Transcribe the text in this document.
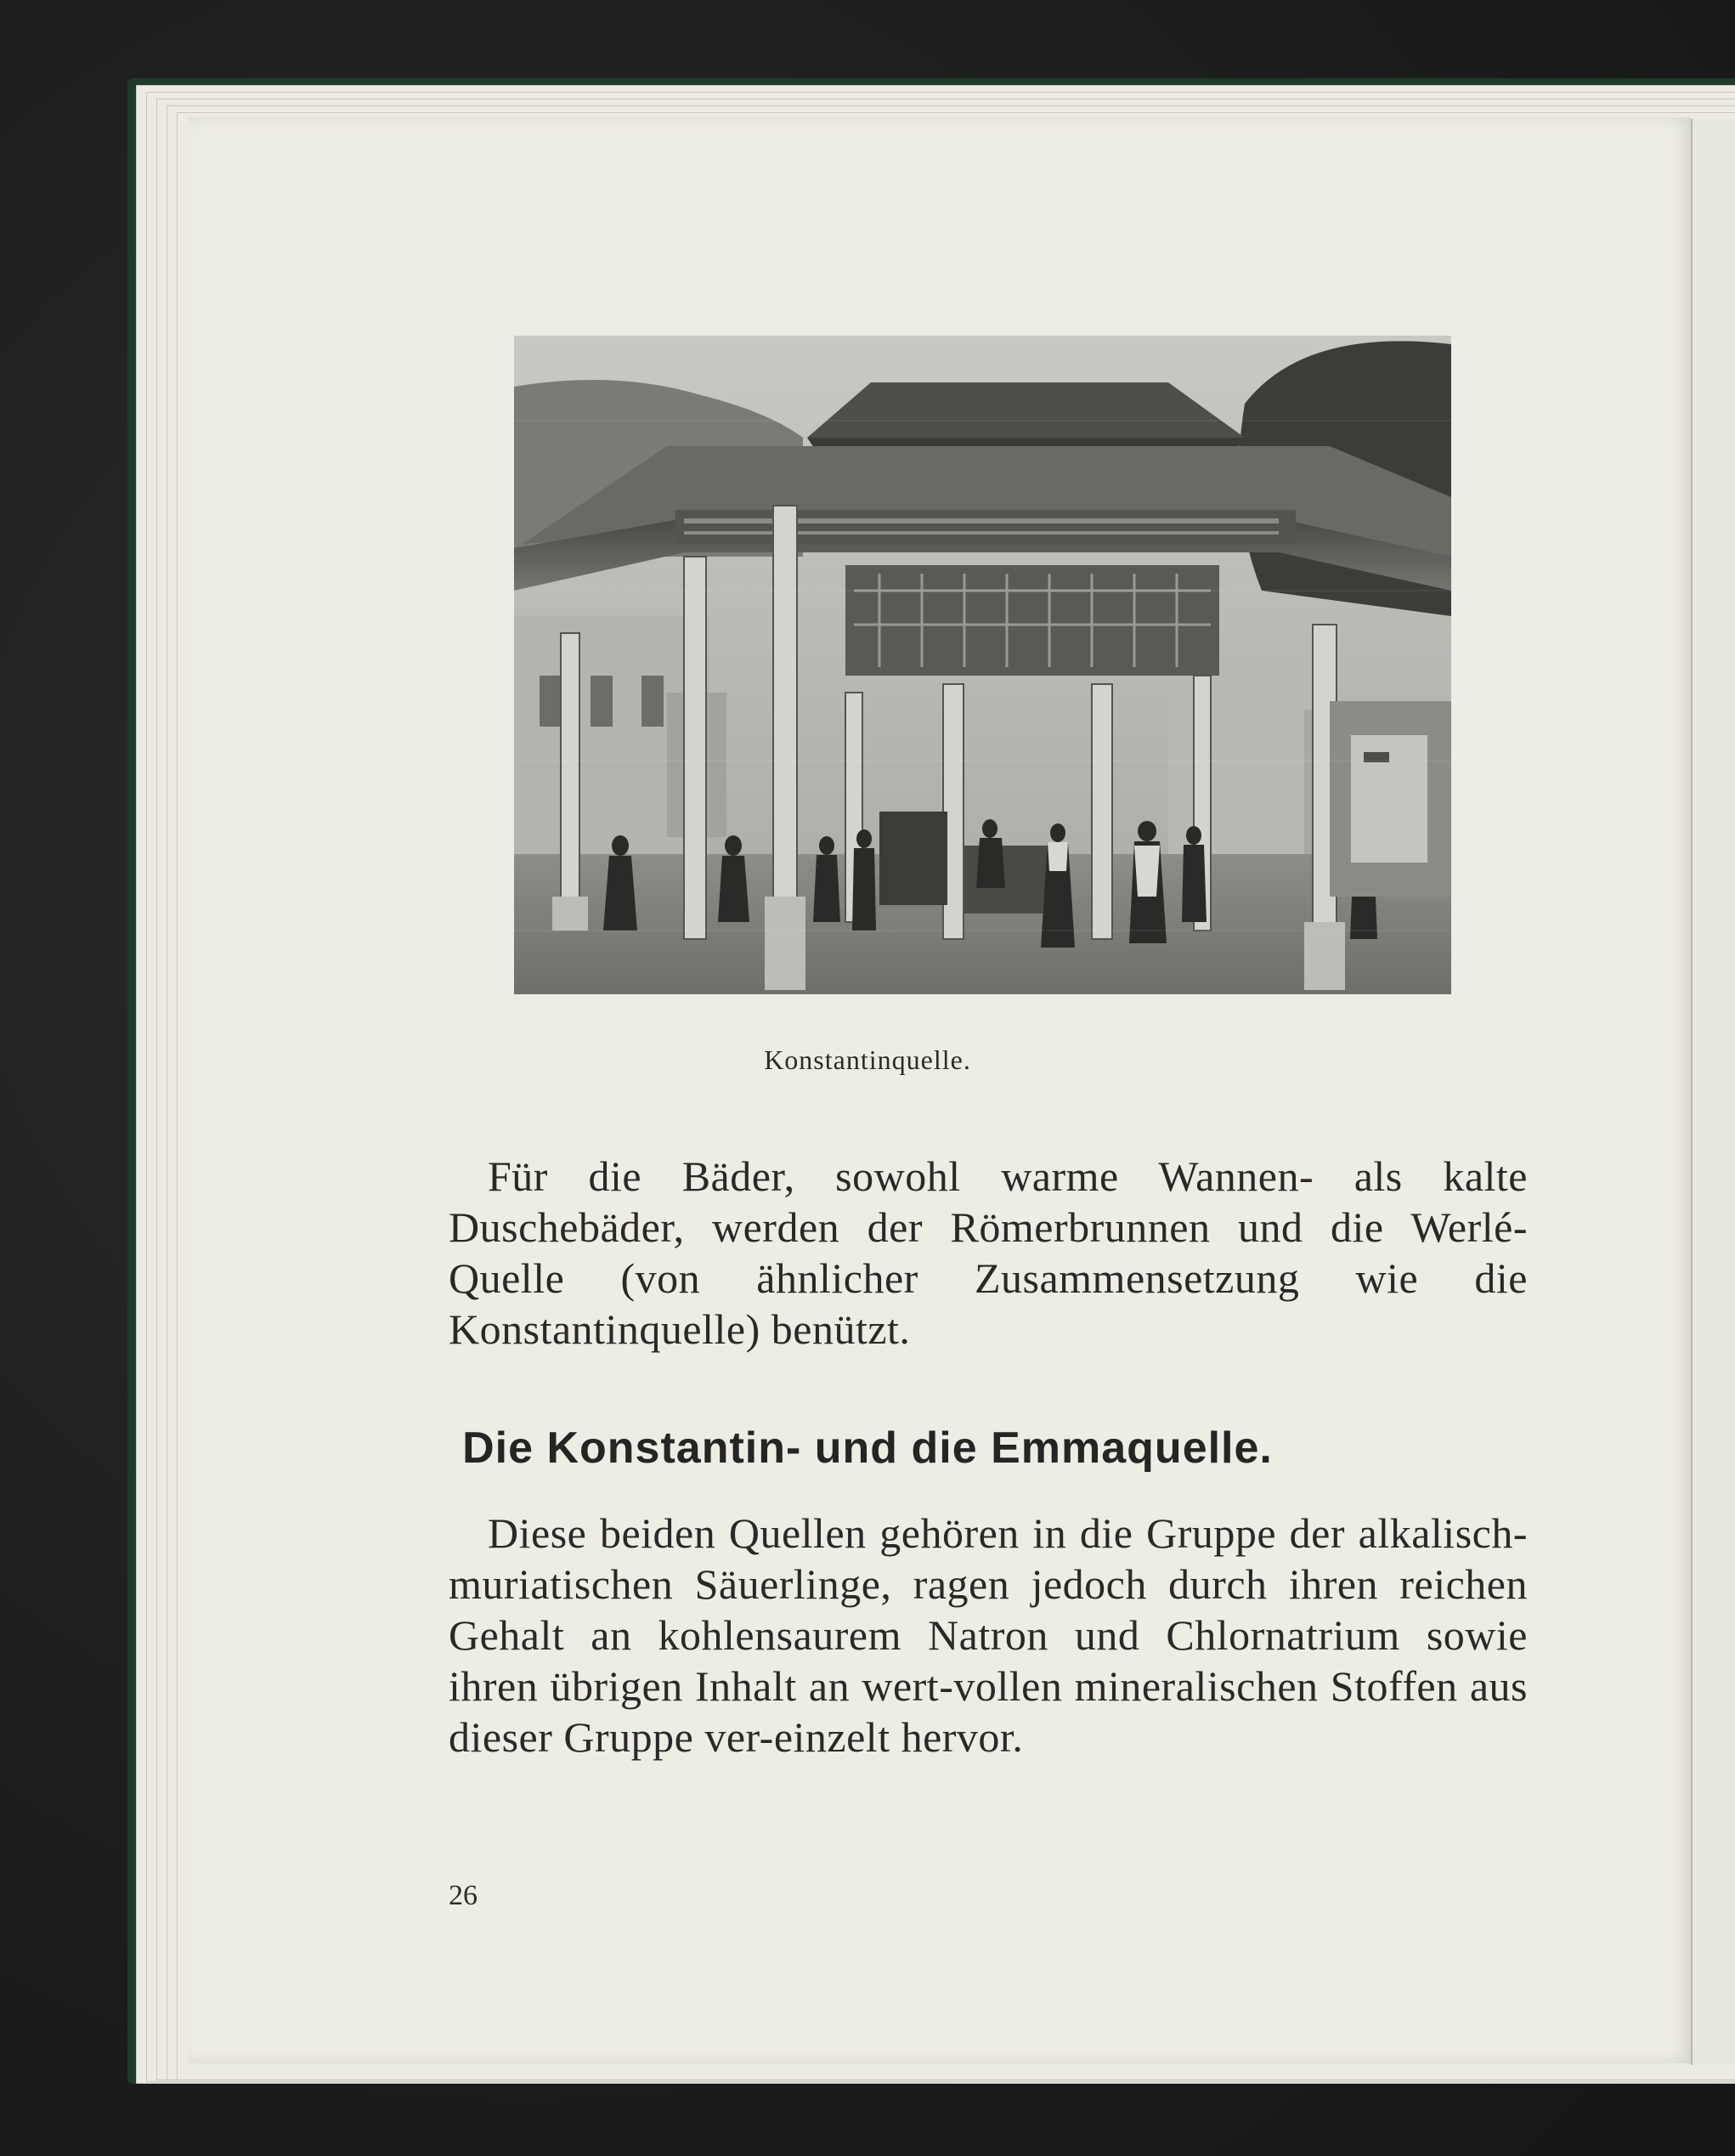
Konstantinquelle.

Für die Bäder, sowohl warme Wannen- als kalte Duschebäder, werden der Römerbrunnen und die Werlé-Quelle (von ähnlicher Zusammensetzung wie die Konstantinquelle) benützt.

Die Konstantin- und die Emmaquelle.

Diese beiden Quellen gehören in die Gruppe der alkalisch-muriatischen Säuerlinge, ragen jedoch durch ihren reichen Gehalt an kohlensaurem Natron und Chlornatrium sowie ihren übrigen Inhalt an wert-vollen mineralischen Stoffen aus dieser Gruppe ver-einzelt hervor.

26
